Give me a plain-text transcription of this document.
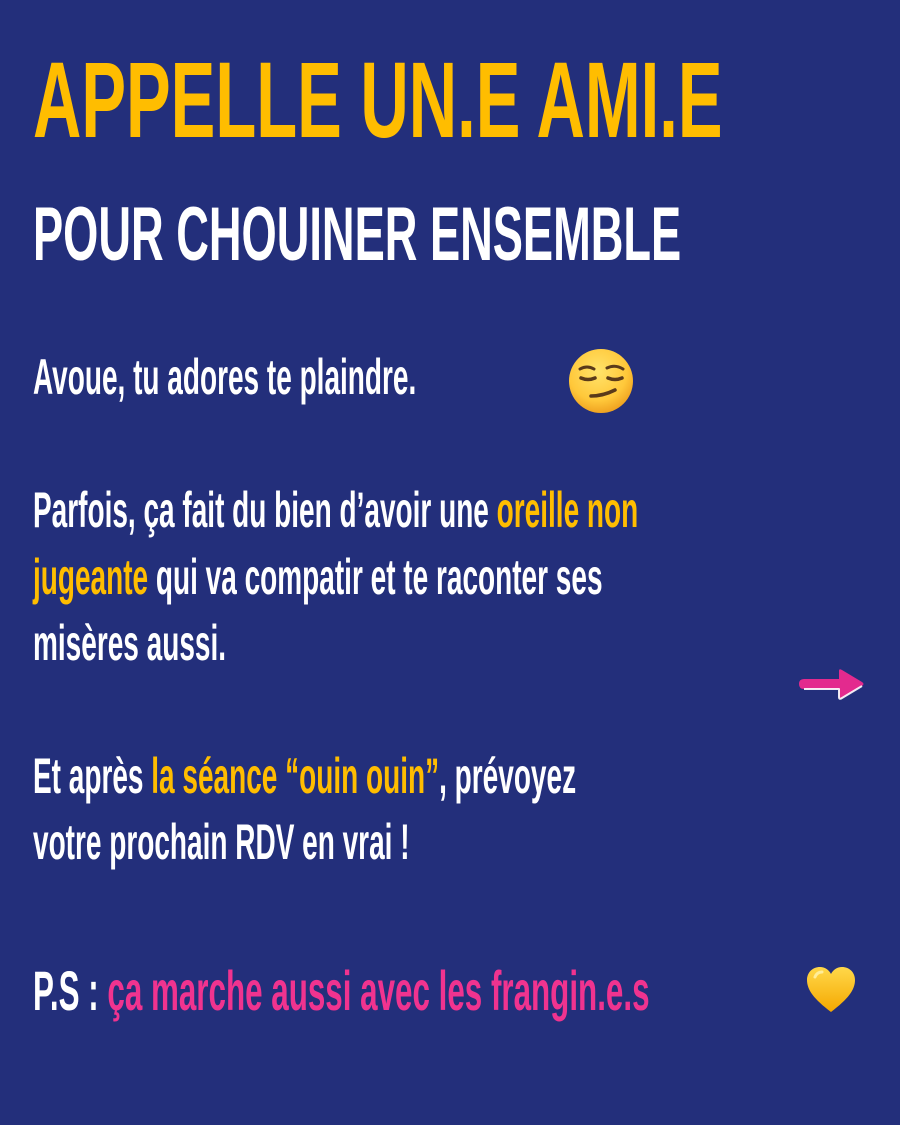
APPELLE UN.E AMI.E
POUR CHOUINER ENSEMBLE
Avoue, tu adores te plaindre.
Parfois, ça fait du bien d’avoir une oreille non
jugeante qui va compatir et te raconter ses
misères aussi.
Et après la séance “ouin ouin”, prévoyez
votre prochain RDV en vrai !
P.S : ça marche aussi avec les frangin.e.s
